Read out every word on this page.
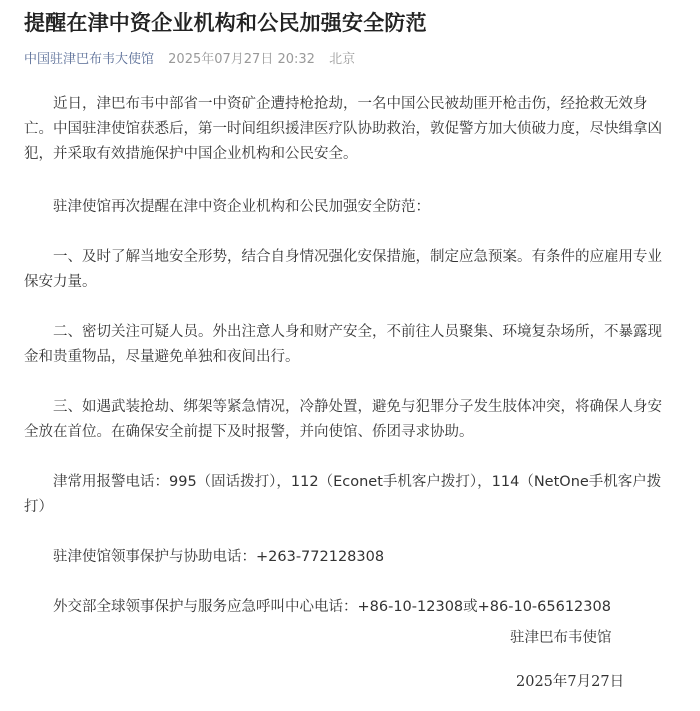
提醒在津中资企业机构和公民加强安全防范
中国驻津巴布韦大使馆 2025年07月27日 20:32 北京

近日，津巴布韦中部省一中资矿企遭持枪抢劫，一名中国公民被劫匪开枪击伤，经抢救无效身亡。中国驻津使馆获悉后，第一时间组织援津医疗队协助救治，敦促警方加大侦破力度，尽快缉拿凶犯，并采取有效措施保护中国企业机构和公民安全。

驻津使馆再次提醒在津中资企业机构和公民加强安全防范：

一、及时了解当地安全形势，结合自身情况强化安保措施，制定应急预案。有条件的应雇用专业保安力量。

二、密切关注可疑人员。外出注意人身和财产安全，不前往人员聚集、环境复杂场所，不暴露现金和贵重物品，尽量避免单独和夜间出行。

三、如遇武装抢劫、绑架等紧急情况，冷静处置，避免与犯罪分子发生肢体冲突，将确保人身安全放在首位。在确保安全前提下及时报警，并向使馆、侨团寻求协助。

津常用报警电话：995（固话拨打），112（Econet手机客户拨打），114（NetOne手机客户拨打）

驻津使馆领事保护与协助电话：+263-772128308

外交部全球领事保护与服务应急呼叫中心电话：+86-10-12308或+86-10-65612308

驻津巴布韦使馆
2025年7月27日
